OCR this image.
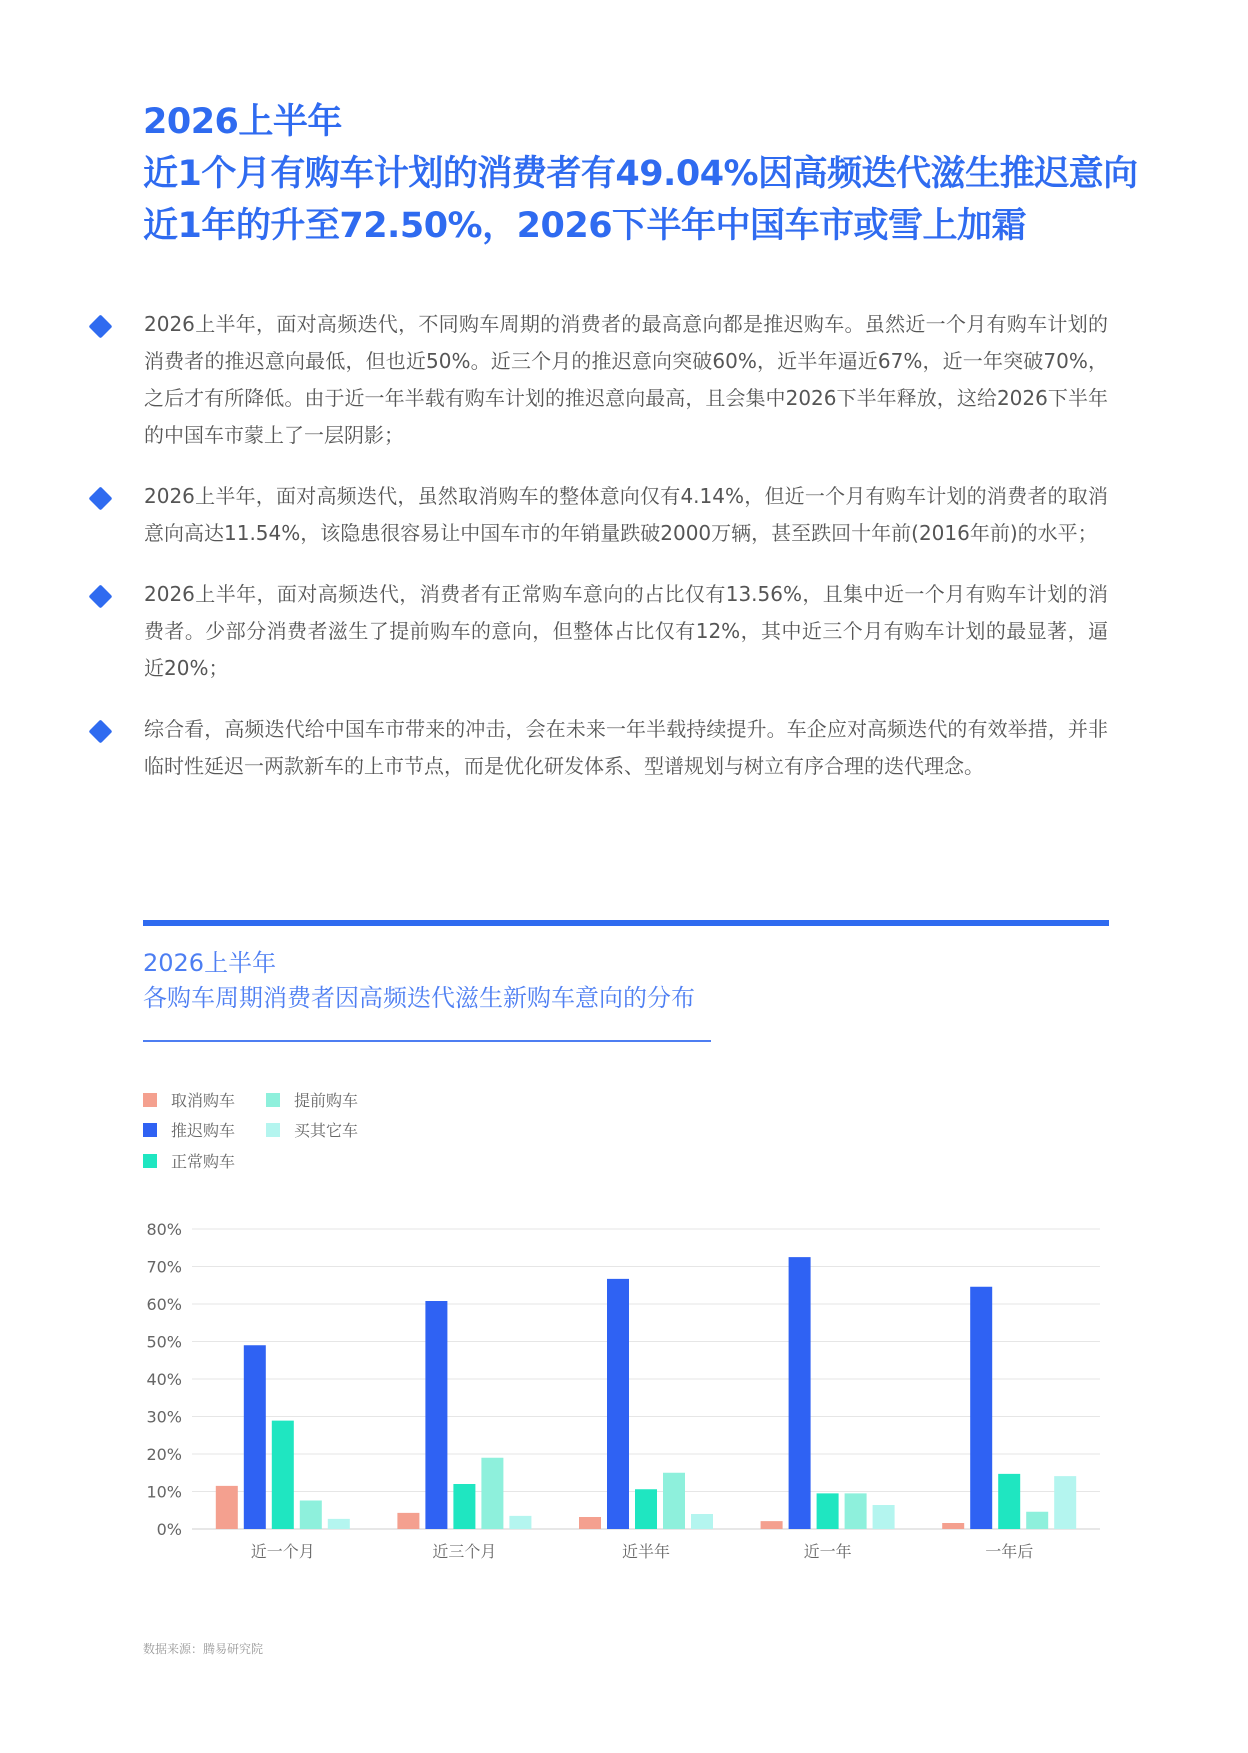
2026上半年
近1个月有购车计划的消费者有49.04%因高频迭代滋生推迟意向
近1年的升至72.50%，2026下半年中国车市或雪上加霜

2026上半年，面对高频迭代，不同购车周期的消费者的最高意向都是推迟购车。虽然近一个月有购车计划的消费者的推迟意向最低，但也近50%。近三个月的推迟意向突破60%，近半年逼近67%，近一年突破70%，之后才有所降低。由于近一年半载有购车计划的推迟意向最高，且会集中2026下半年释放，这给2026下半年的中国车市蒙上了一层阴影；

2026上半年，面对高频迭代，虽然取消购车的整体意向仅有4.14%，但近一个月有购车计划的消费者的取消意向高达11.54%，该隐患很容易让中国车市的年销量跌破2000万辆，甚至跌回十年前(2016年前)的水平；

2026上半年，面对高频迭代，消费者有正常购车意向的占比仅有13.56%，且集中近一个月有购车计划的消费者。少部分消费者滋生了提前购车的意向，但整体占比仅有12%，其中近三个月有购车计划的最显著，逼近20%；

综合看，高频迭代给中国车市带来的冲击，会在未来一年半载持续提升。车企应对高频迭代的有效举措，并非临时性延迟一两款新车的上市节点，而是优化研发体系、型谱规划与树立有序合理的迭代理念。

2026上半年
各购车周期消费者因高频迭代滋生新购车意向的分布
取消购车
推迟购车
正常购车
提前购车
买其它车
0%
10%
20%
30%
40%
50%
60%
70%
80%
近一个月	近三个月	近半年	近一年	一年后
数据来源：腾易研究院
